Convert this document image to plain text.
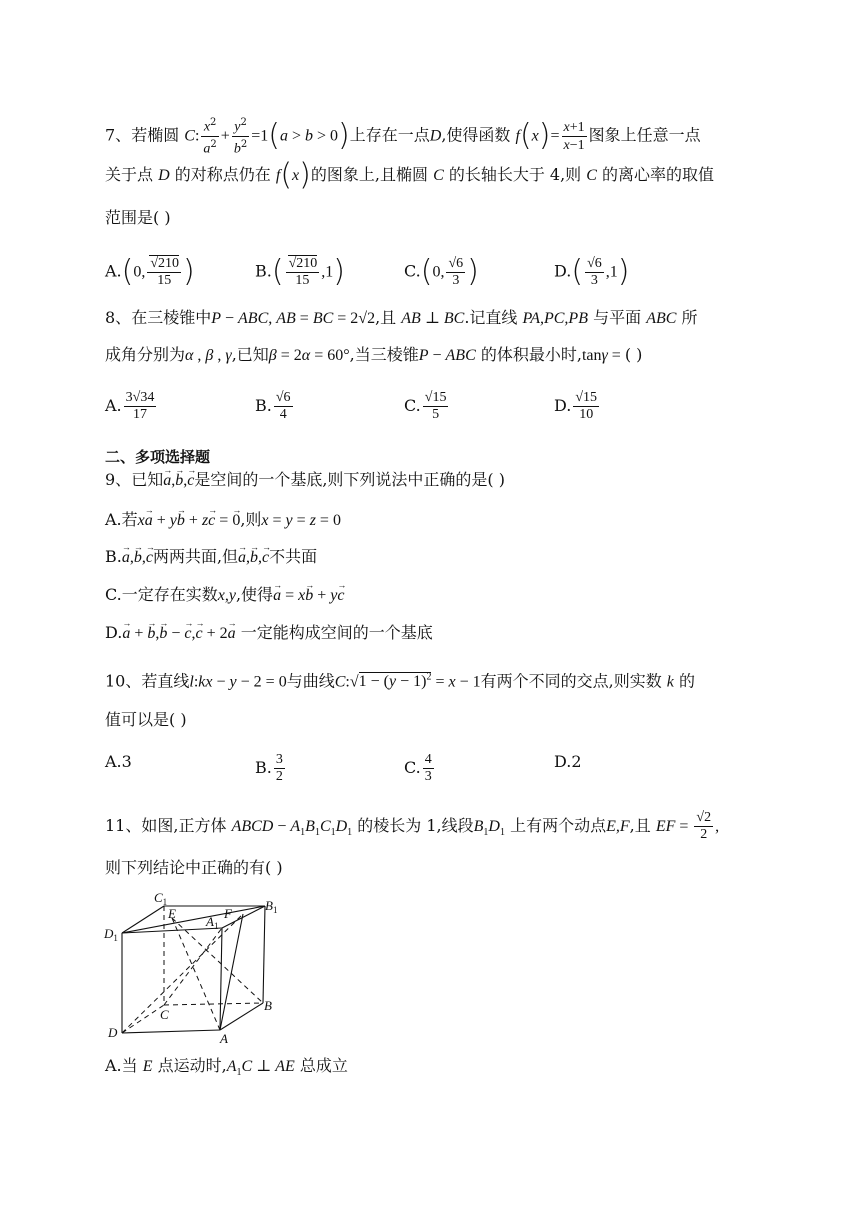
7、若椭圆 C: $\frac{x^2}{a^2} + \frac{y^2}{b^2} =1(a > b > 0)$上存在一点D,使得函数 $f(x)= \frac{x+1}{x-1}$ 图象上任意一点
关于点 D 的对称点仍在 f(x)的图象上,且椭圆 C 的长轴长大于 4,则 C 的离心率的取值
范围是( )
A.(0, $\frac{√210}{15}$ )	$B.( \frac{√210}{15} ,1)$	C.(0, $\frac{√6}{3}$ )	$D.( \frac{√6}{3} ,1)$
8、在三棱锥中P − ABC, AB = BC = 2√2,且 AB ⊥ BC.记直线 PA,PC,PB 与平面 ABC 所
成角分别为α , β , γ,已知β = 2α = 60°,当三棱锥P − ABC 的体积最小时,tanγ = ( )
A. $\frac{3√34}{17}$	B. $\frac{√6}{4}$	C. $\frac{√15}{5}$	D. $\frac{√15}{10}$
二、多项选择题
9、已知→ a,→ b,→ c是空间的一个基底,则下列说法中正确的是( )
A.若x→ a + y→ b + z→ c = → 0,则x = y = z = 0
B.→ a,→ b,→ c两两共面,但→ a,→ b,→ c不共面
C.一定存在实数x,y,使得→ a = x→ b + y→ c
D.→ a + → b,→ b − → c,→ c + 2→ a 一定能构成空间的一个基底
10、若直线l:kx − y − 2 = 0与曲线C:√1 − $(y - 1)^2 = x - 1$有两个不同的交点,则实数 k 的
值可以是( )
A.3	B. $\frac{3}{2}$	C. $\frac{4}{3}$	D.2
11、如图,正方体 ABCD − $A_1B_1C_1D_1$ 的棱长为 1,线段$B_1D_1$ 上有两个动点E,F,且 EF = $\frac{√2}{2}$ ,
则下列结论中正确的有( )
$C_1$
E
$B_1$
$A_1$
F
$D_1$
C
B
D	A
A.当 E 点运动时$,A_1C$ ⊥ AE 总成立
